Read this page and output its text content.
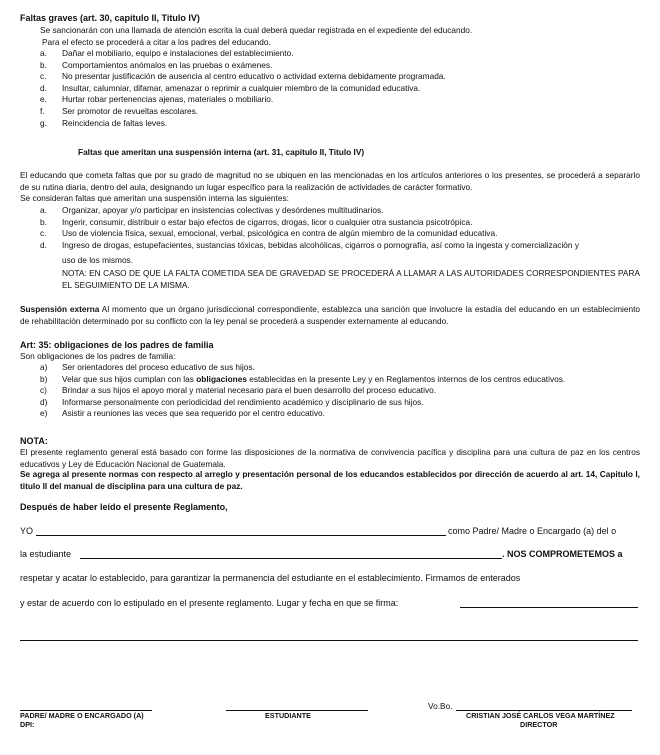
Faltas graves (art. 30, capítulo II, Titulo IV)
Se sancionarán con una llamada de atención escrita la cual deberá quedar registrada en el expediente del educando.
Para el efecto se procederá a citar a los padres del educando.
a.	Dañar el mobiliario, equipo e instalaciones del establecimiento.
b.	Comportamientos anómalos en las pruebas o exámenes.
c.	No presentar justificación de ausencia al centro educativo o actividad externa debidamente programada.
d.	Insultar, calumniar, difamar, amenazar o reprimir a cualquier miembro de la comunidad educativa.
e.	Hurtar robar pertenencias ajenas, materiales o mobiliario.
f.	Ser promotor de revueltas escolares.
g.	Reincidencia de faltas leves.
Faltas que ameritan una suspensión interna (art. 31, capítulo II, Titulo IV)
El educando que cometa faltas que por su grado de magnitud no se ubiquen en las mencionadas en los artículos anteriores o los presentes, se procederá a separarlo de su rutina diaria, dentro del aula, designando un lugar específico para la realización de actividades de carácter formativo.
Se consideran faltas que ameritan una suspensión interna las siguientes:
a.	Organizar, apoyar y/o participar en insistencias colectivas y desórdenes multitudinarios.
b.	Ingerir, consumir, distribuir o estar bajo efectos de cigarros, drogas, licor o cualquier otra sustancia psicotrópica.
c.	Uso de violencia física, sexual, emocional, verbal, psicológica en contra de algún miembro de la comunidad educativa.
d.	Ingreso de drogas, estupefacientes, sustancias tóxicas, bebidas alcohólicas, cigarros o pornografía, así como la ingesta y comercialización y
uso de los mismos.
NOTA: EN CASO DE QUE LA FALTA COMETIDA SEA DE GRAVEDAD SE PROCEDERÁ A LLAMAR A LAS AUTORIDADES CORRESPONDIENTES PARA EL SEGUIMIENTO DE LA MISMA.
Suspensión externa Al momento que un órgano jurisdiccional correspondiente, establezca una sanción que involucre la estadía del educando en un establecimiento de rehabilitación determinado por su conflicto con la ley penal se procederá a suspender externamente al educando.
Art: 35: obligaciones de los padres de familia
Son obligaciones de los padres de familia:
a)	Ser orientadores del proceso educativo de sus hijos.
b)	Velar que sus hijos cumplan con las obligaciones establecidas en la presente Ley y en Reglamentos internos de los centros educativos.
c)	Brindar a sus hijos el apoyo moral y material necesario para el buen desarrollo del proceso educativo.
d)	Informarse personalmente con periodicidad del rendimiento académico y disciplinario de sus hijos.
e)	Asistir a reuniones las veces que sea requerido por el centro educativo.
NOTA:
El presente reglamento general está basado con forme las disposiciones de la normativa de convivencia pacífica y disciplina para una cultura de paz en los centros educativos y Ley de Educación Nacional de Guatemala.
Se agrega al presente normas con respecto al arreglo y presentación personal de los educandos establecidos por dirección de acuerdo al art. 14, Capitulo I, titulo II del manual de disciplina para una cultura de paz.
Después de haber leído el presente Reglamento,
YO	como Padre/ Madre o Encargado (a) del o
la estudiante	. NOS COMPROMETEMOS a
respetar y acatar lo establecido, para garantizar la permanencia del estudiante en el establecimiento. Firmamos de enterados
y estar de acuerdo con lo estipulado en el presente reglamento. Lugar y fecha en que se firma:
PADRE/ MADRE O ENCARGADO (A)
DPI:
ESTUDIANTE
Vo.Bo.
CRISTIAN JOSÉ CARLOS VEGA MARTÍNEZ
DIRECTOR
